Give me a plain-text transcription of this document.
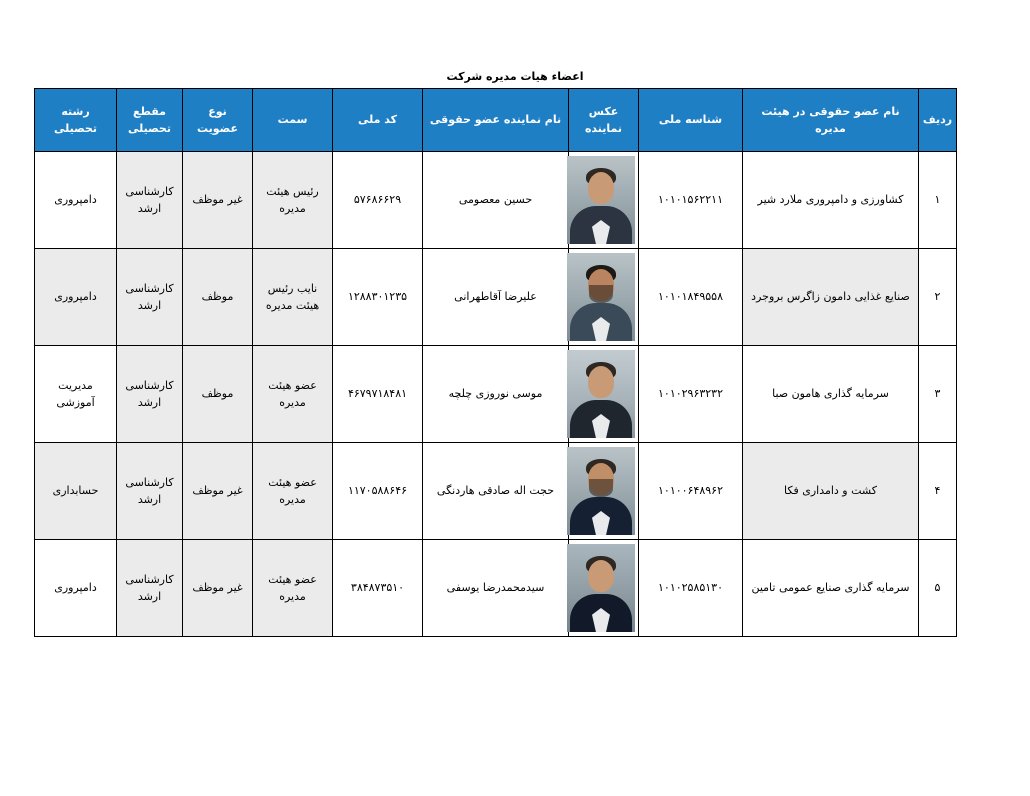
اعضاء هیات مدیره شرکت
ردیف	نام عضو حقوقی در هیئت مدیره	شناسه ملی	عکس نماینده	نام نماینده عضو حقوقی	کد ملی	سمت	نوع عضویت	مقطع تحصیلی	رشته تحصیلی
۱	کشاورزی و دامپروری ملارد شیر	۱۰۱۰۱۵۶۲۲۱۱		حسین معصومی	۵۷۶۸۶۶۲۹	رئیس هیئت مدیره	غیر موظف	کارشناسی ارشد	دامپروری
۲	صنایع غذایی دامون زاگرس بروجرد	۱۰۱۰۱۸۴۹۵۵۸		علیرضا آقاطهرانی	۱۲۸۸۳۰۱۲۳۵	نایب رئیس هیئت مدیره	موظف	کارشناسی ارشد	دامپروری
۳	سرمایه گذاری هامون صبا	۱۰۱۰۲۹۶۳۲۳۲		موسی نوروزی چلچه	۴۶۷۹۷۱۸۴۸۱	عضو هیئت مدیره	موظف	کارشناسی ارشد	مدیریت آموزشی
۴	کشت و دامداری فکا	۱۰۱۰۰۶۴۸۹۶۲		حجت اله صادقی هاردنگی	۱۱۷۰۵۸۸۶۴۶	عضو هیئت مدیره	غیر موظف	کارشناسی ارشد	حسابداری
۵	سرمایه گذاری صنایع عمومی تامین	۱۰۱۰۲۵۸۵۱۳۰		سیدمحمدرضا یوسفی	۳۸۴۸۷۳۵۱۰	عضو هیئت مدیره	غیر موظف	کارشناسی ارشد	دامپروری
